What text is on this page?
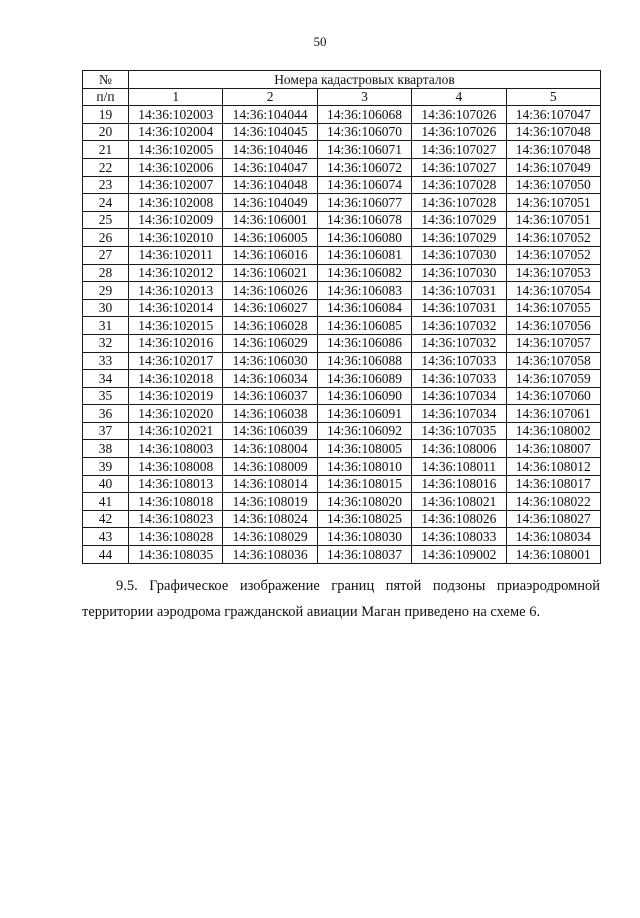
50
№	Номера кадастровых кварталов				
п/п	1	2	3	4	5
19	14:36:102003	14:36:104044	14:36:106068	14:36:107026	14:36:107047
20	14:36:102004	14:36:104045	14:36:106070	14:36:107026	14:36:107048
21	14:36:102005	14:36:104046	14:36:106071	14:36:107027	14:36:107048
22	14:36:102006	14:36:104047	14:36:106072	14:36:107027	14:36:107049
23	14:36:102007	14:36:104048	14:36:106074	14:36:107028	14:36:107050
24	14:36:102008	14:36:104049	14:36:106077	14:36:107028	14:36:107051
25	14:36:102009	14:36:106001	14:36:106078	14:36:107029	14:36:107051
26	14:36:102010	14:36:106005	14:36:106080	14:36:107029	14:36:107052
27	14:36:102011	14:36:106016	14:36:106081	14:36:107030	14:36:107052
28	14:36:102012	14:36:106021	14:36:106082	14:36:107030	14:36:107053
29	14:36:102013	14:36:106026	14:36:106083	14:36:107031	14:36:107054
30	14:36:102014	14:36:106027	14:36:106084	14:36:107031	14:36:107055
31	14:36:102015	14:36:106028	14:36:106085	14:36:107032	14:36:107056
32	14:36:102016	14:36:106029	14:36:106086	14:36:107032	14:36:107057
33	14:36:102017	14:36:106030	14:36:106088	14:36:107033	14:36:107058
34	14:36:102018	14:36:106034	14:36:106089	14:36:107033	14:36:107059
35	14:36:102019	14:36:106037	14:36:106090	14:36:107034	14:36:107060
36	14:36:102020	14:36:106038	14:36:106091	14:36:107034	14:36:107061
37	14:36:102021	14:36:106039	14:36:106092	14:36:107035	14:36:108002
38	14:36:108003	14:36:108004	14:36:108005	14:36:108006	14:36:108007
39	14:36:108008	14:36:108009	14:36:108010	14:36:108011	14:36:108012
40	14:36:108013	14:36:108014	14:36:108015	14:36:108016	14:36:108017
41	14:36:108018	14:36:108019	14:36:108020	14:36:108021	14:36:108022
42	14:36:108023	14:36:108024	14:36:108025	14:36:108026	14:36:108027
43	14:36:108028	14:36:108029	14:36:108030	14:36:108033	14:36:108034
44	14:36:108035	14:36:108036	14:36:108037	14:36:109002	14:36:108001
9.5. Графическое изображение границ пятой подзоны приаэродромной
территории аэродрома гражданской авиации Маган приведено на схеме 6.
